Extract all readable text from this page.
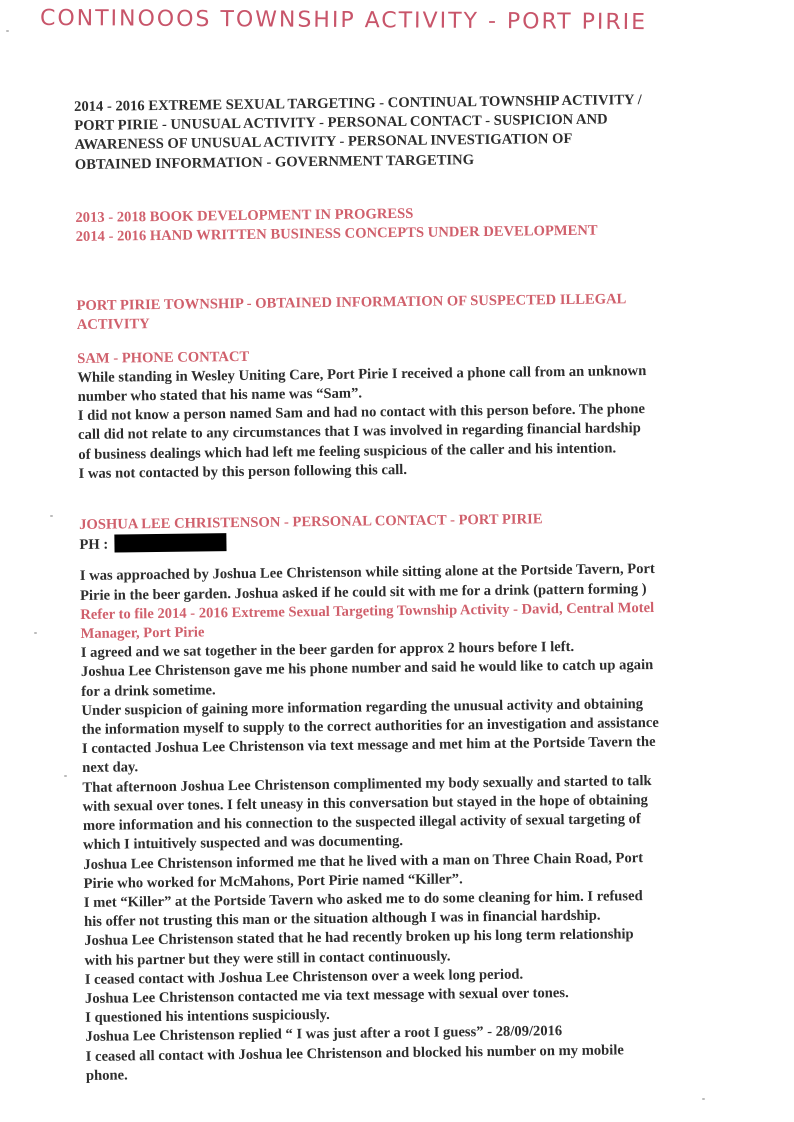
CONTINOOOS TOWNSHIP ACTIVITY - PORT PIRIE
2014 - 2016 EXTREME SEXUAL TARGETING - CONTINUAL TOWNSHIP ACTIVITY /
PORT PIRIE - UNUSUAL ACTIVITY - PERSONAL CONTACT - SUSPICION AND
AWARENESS OF UNUSUAL ACTIVITY - PERSONAL INVESTIGATION OF
OBTAINED INFORMATION - GOVERNMENT TARGETING
2013 - 2018 BOOK DEVELOPMENT IN PROGRESS
2014 - 2016 HAND WRITTEN BUSINESS CONCEPTS UNDER DEVELOPMENT
PORT PIRIE TOWNSHIP - OBTAINED INFORMATION OF SUSPECTED ILLEGAL
ACTIVITY
SAM - PHONE CONTACT
While standing in Wesley Uniting Care, Port Pirie I received a phone call from an unknown
number who stated that his name was “Sam”.
I did not know a person named Sam and had no contact with this person before. The phone
call did not relate to any circumstances that I was involved in regarding financial hardship
of business dealings which had left me feeling suspicious of the caller and his intention.
I was not contacted by this person following this call.
JOSHUA LEE CHRISTENSON - PERSONAL CONTACT - PORT PIRIE
PH :
I was approached by Joshua Lee Christenson while sitting alone at the Portside Tavern, Port
Pirie in the beer garden. Joshua asked if he could sit with me for a drink (pattern forming )
Refer to file 2014 - 2016 Extreme Sexual Targeting Township Activity - David, Central Motel
Manager, Port Pirie
I agreed and we sat together in the beer garden for approx 2 hours before I left.
Joshua Lee Christenson gave me his phone number and said he would like to catch up again
for a drink sometime.
Under suspicion of gaining more information regarding the unusual activity and obtaining
the information myself to supply to the correct authorities for an investigation and assistance
I contacted Joshua Lee Christenson via text message and met him at the Portside Tavern the
next day.
That afternoon Joshua Lee Christenson complimented my body sexually and started to talk
with sexual over tones. I felt uneasy in this conversation but stayed in the hope of obtaining
more information and his connection to the suspected illegal activity of sexual targeting of
which I intuitively suspected and was documenting.
Joshua Lee Christenson informed me that he lived with a man on Three Chain Road, Port
Pirie who worked for McMahons, Port Pirie named “Killer”.
I met “Killer” at the Portside Tavern who asked me to do some cleaning for him. I refused
his offer not trusting this man or the situation although I was in financial hardship.
Joshua Lee Christenson stated that he had recently broken up his long term relationship
with his partner but they were still in contact continuously.
I ceased contact with Joshua Lee Christenson over a week long period.
Joshua Lee Christenson contacted me via text message with sexual over tones.
I questioned his intentions suspiciously.
Joshua Lee Christenson replied “ I was just after a root I guess” - 28/09/2016
I ceased all contact with Joshua lee Christenson and blocked his number on my mobile
phone.
